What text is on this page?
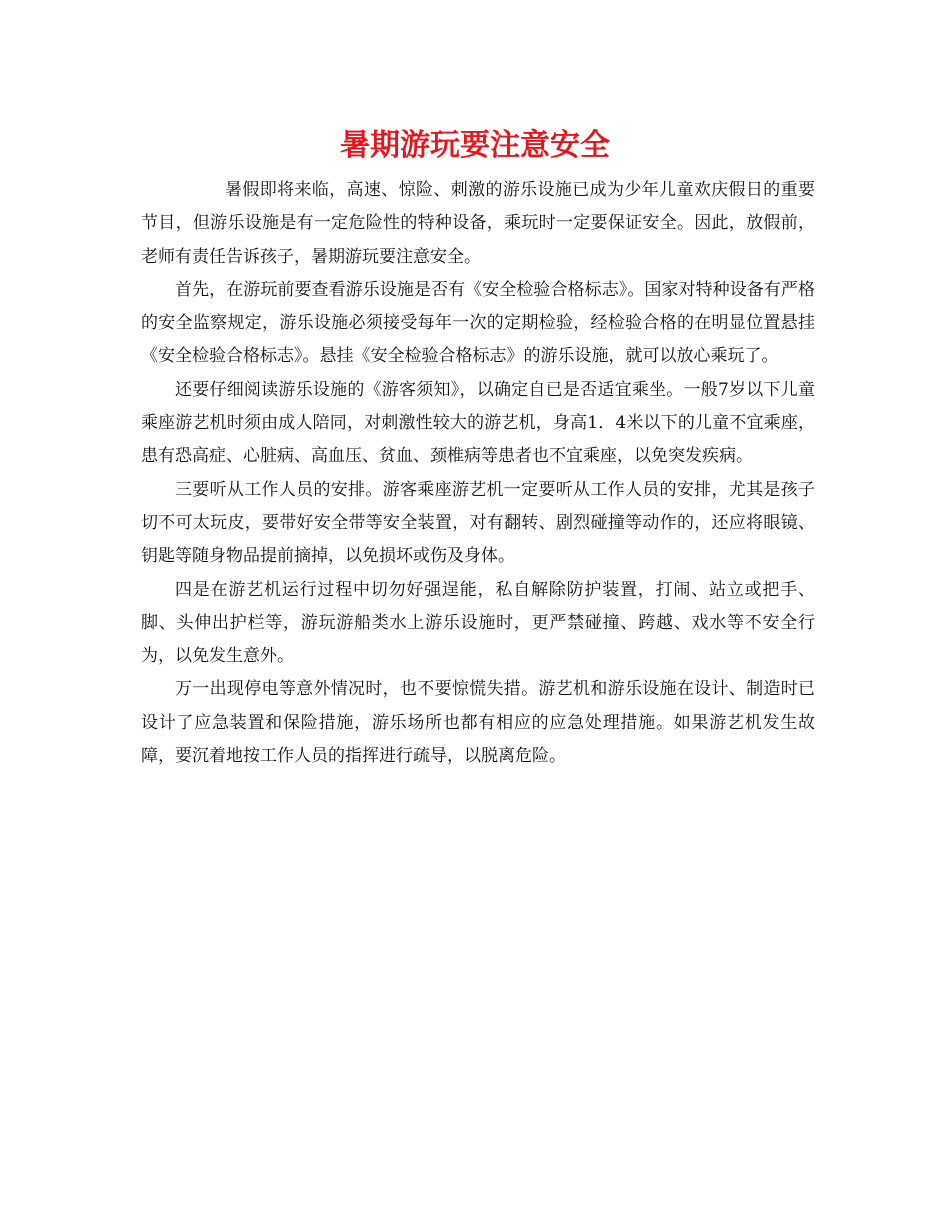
暑期游玩要注意安全

暑假即将来临，高速、惊险、刺激的游乐设施已成为少年儿童欢庆假日的重要节目，但游乐设施是有一定危险性的特种设备，乘玩时一定要保证安全。因此，放假前，老师有责任告诉孩子，暑期游玩要注意安全。

首先，在游玩前要查看游乐设施是否有《安全检验合格标志》。国家对特种设备有严格的安全监察规定，游乐设施必须接受每年一次的定期检验，经检验合格的在明显位置悬挂《安全检验合格标志》。悬挂《安全检验合格标志》的游乐设施，就可以放心乘玩了。

还要仔细阅读游乐设施的《游客须知》，以确定自已是否适宜乘坐。一般7岁以下儿童乘座游艺机时须由成人陪同，对刺激性较大的游艺机，身高1．4米以下的儿童不宜乘座，患有恐高症、心脏病、高血压、贫血、颈椎病等患者也不宜乘座，以免突发疾病。

三要听从工作人员的安排。游客乘座游艺机一定要听从工作人员的安排，尤其是孩子切不可太玩皮，要带好安全带等安全装置，对有翻转、剧烈碰撞等动作的，还应将眼镜、钥匙等随身物品提前摘掉，以免损坏或伤及身体。

四是在游艺机运行过程中切勿好强逞能，私自解除防护装置，打闹、站立或把手、脚、头伸出护栏等，游玩游船类水上游乐设施时，更严禁碰撞、跨越、戏水等不安全行为，以免发生意外。

万一出现停电等意外情况时，也不要惊慌失措。游艺机和游乐设施在设计、制造时已设计了应急装置和保险措施，游乐场所也都有相应的应急处理措施。如果游艺机发生故障，要沉着地按工作人员的指挥进行疏导，以脱离危险。
